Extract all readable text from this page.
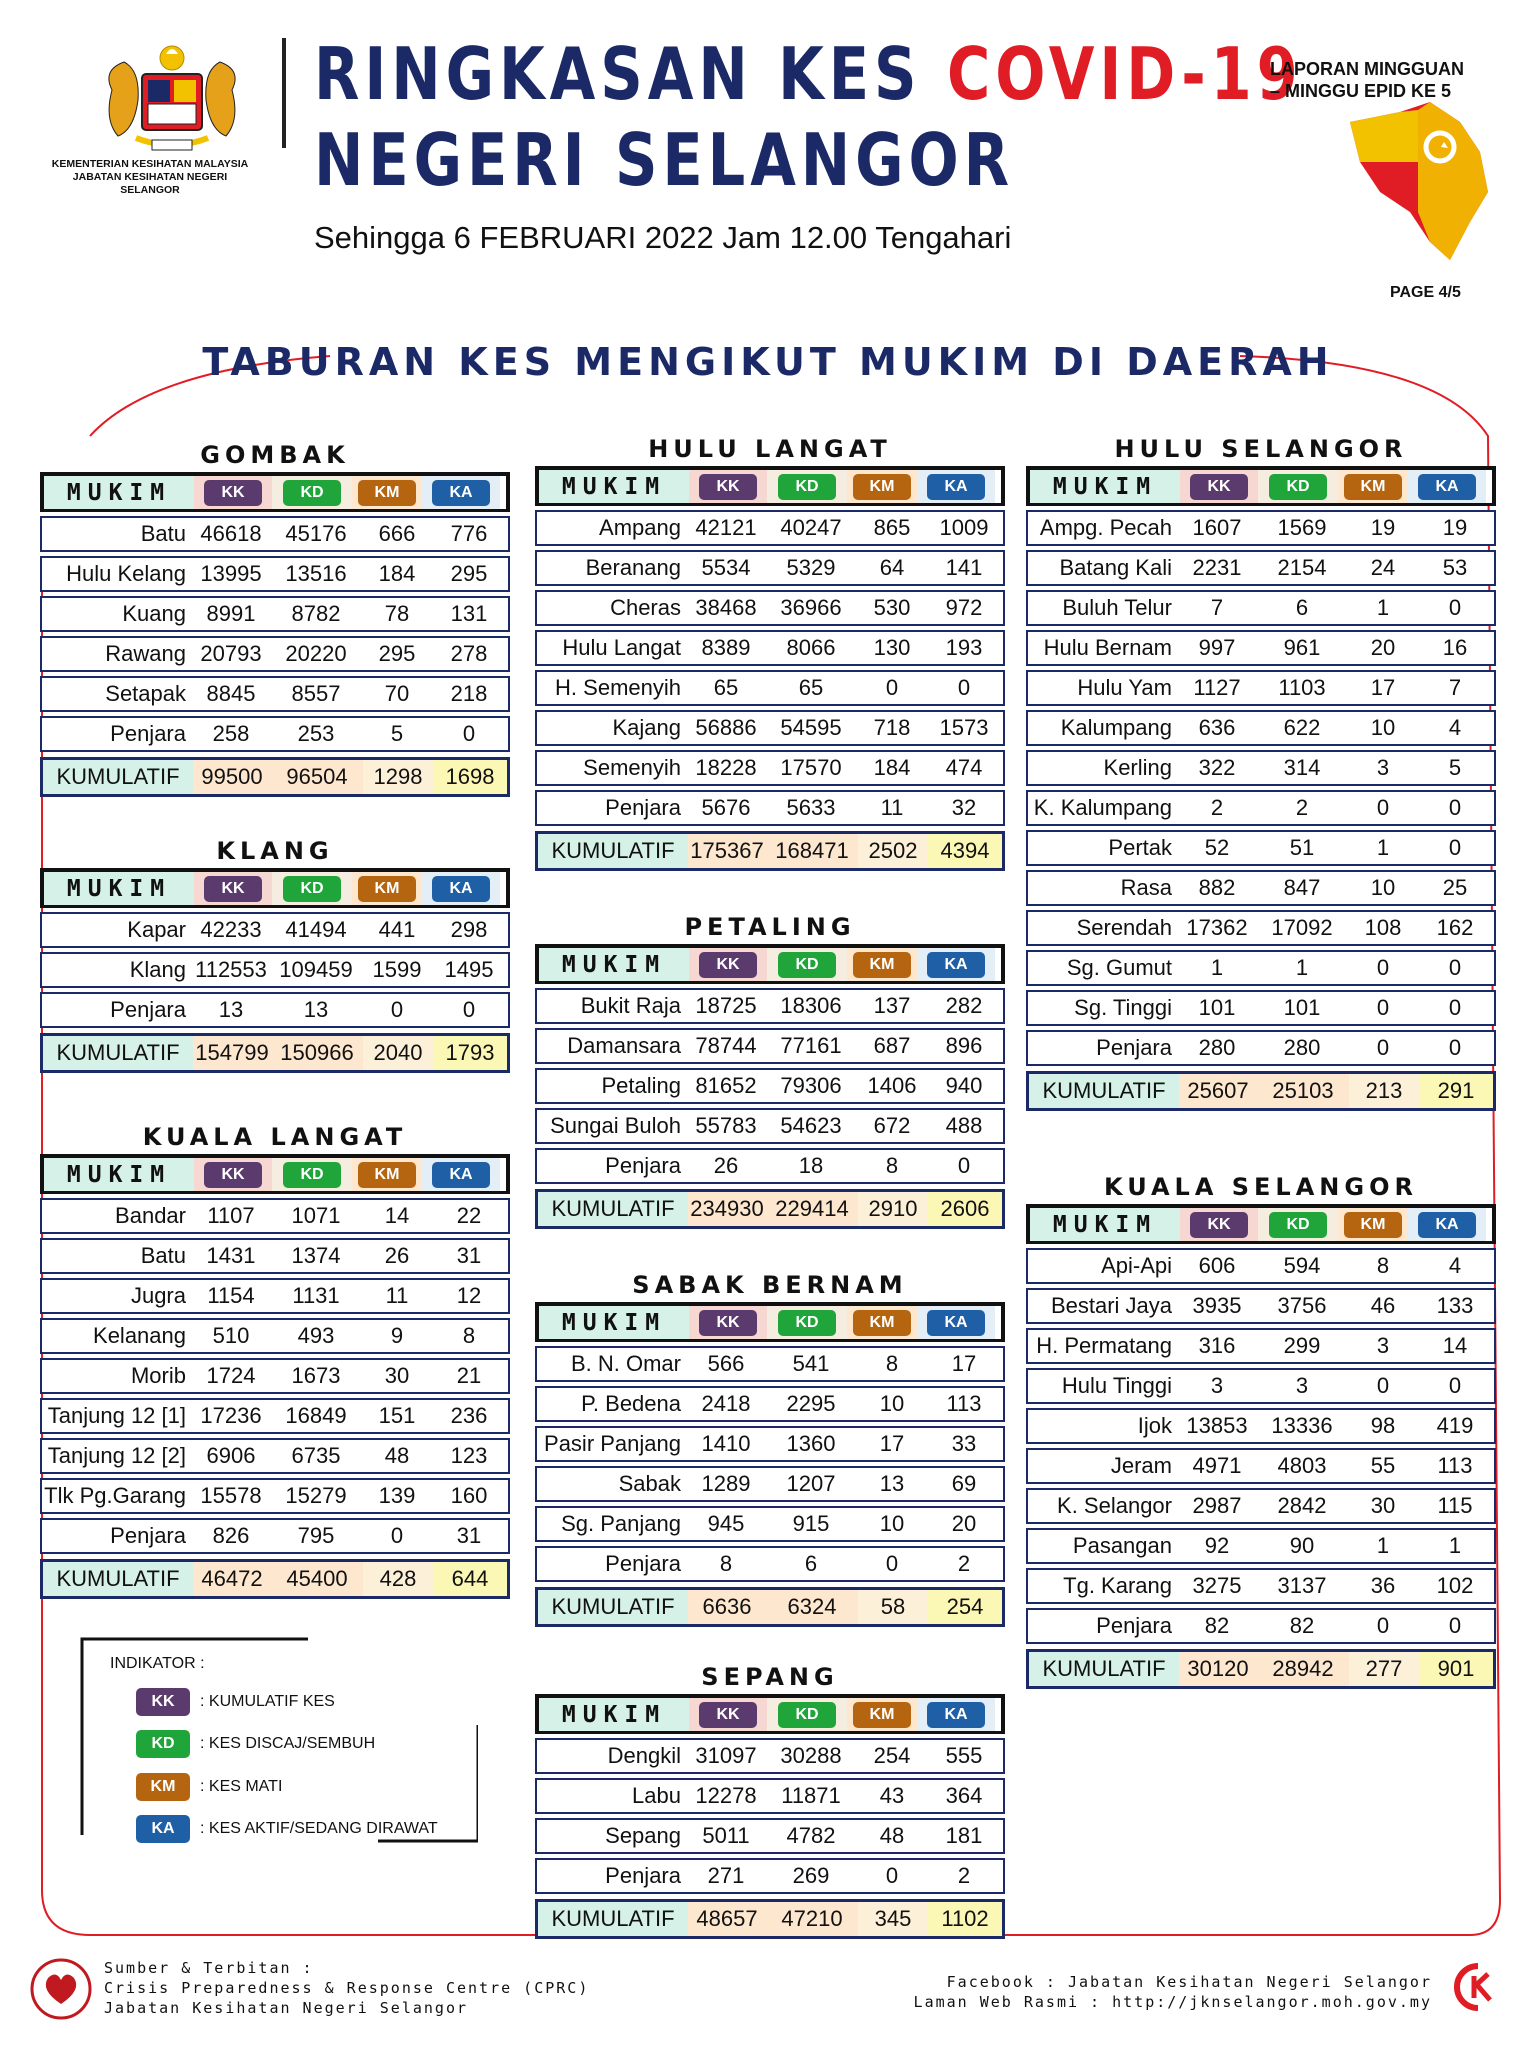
KEMENTERIAN KESIHATAN MALAYSIA
JABATAN KESIHATAN NEGERI
SELANGOR
RINGKASAN KES COVID-19
NEGERI SELANGOR
Sehingga 6 FEBRUARI 2022 Jam 12.00 Tengahari
LAPORAN MINGGUAN
– MINGGU EPID KE 5
PAGE 4/5
TABURAN KES MENGIKUT MUKIM DI DAERAH
GOMBAK
MUKIM	KK	KD	KM	KA
Batu 46618	45176	666	776
Hulu Kelang 13995	13516	184	295
Kuang 8991	8782	78	131
Rawang 20793	20220	295	278
Setapak 8845	8557	70	218
Penjara	258	253	5	0
KUMULATIF 99500	96504	1298	1698
KLANG
MUKIM	KK	KD	KM	KA
Kapar 42233	41494	441	298
Klang 112553 109459 1599	1495
Penjara	13	13	0	0
KUMULATIF 154799 150966 2040	1793
KUALA LANGAT
MUKIM	KK	KD	KM	KA
Bandar 1107	1071	14	22
Batu 1431	1374	26	31
Jugra 1154	1131	11	12
Kelanang	510	493	9	8
Morib 1724	1673	30	21
Tanjung 12 [1] 17236	16849	151	236
Tanjung 12 [2] 6906	6735	48	123
Tlk Pg.Garang 15578	15279	139	160
Penjara	826	795	0	31
KUMULATIF 46472	45400	428	644
HULU LANGAT
MUKIM	KK	KD	KM	KA
Ampang 42121	40247	865	1009
Beranang 5534	5329	64	141
Cheras 38468	36966	530	972
Hulu Langat 8389	8066	130	193
H. Semenyih	65	65	0	0
Kajang 56886	54595	718	1573
Semenyih 18228	17570	184	474
Penjara 5676	5633	11	32
KUMULATIF 175367 168471 2502	4394
PETALING
MUKIM	KK	KD	KM	KA
Bukit Raja 18725	18306	137	282
Damansara 78744	77161	687	896
Petaling 81652	79306	1406	940
Sungai Buloh 55783	54623	672	488
Penjara	26	18	8	0
KUMULATIF 234930 229414 2910	2606
SABAK BERNAM
MUKIM	KK	KD	KM	KA
B. N. Omar	566	541	8	17
P. Bedena 2418	2295	10	113
Pasir Panjang 1410	1360	17	33
Sabak 1289	1207	13	69
Sg. Panjang	945	915	10	20
Penjara	8	6	0	2
KUMULATIF	6636	6324	58	254
SEPANG
MUKIM	KK	KD	KM	KA
Dengkil 31097	30288	254	555
Labu 12278	11871	43	364
Sepang 5011	4782	48	181
Penjara	271	269	0	2
KUMULATIF 48657	47210	345	1102
HULU SELANGOR
MUKIM	KK	KD	KM	KA
Ampg. Pecah 1607	1569	19	19
Batang Kali 2231	2154	24	53
Buluh Telur	7	6	1	0
Hulu Bernam	997	961	20	16
Hulu Yam 1127	1103	17	7
Kalumpang	636	622	10	4
Kerling	322	314	3	5
K. Kalumpang	2	2	0	0
Pertak	52	51	1	0
Rasa	882	847	10	25
Serendah 17362	17092	108	162
Sg. Gumut	1	1	0	0
Sg. Tinggi	101	101	0	0
Penjara	280	280	0	0
KUMULATIF 25607	25103	213	291
KUALA SELANGOR
MUKIM	KK	KD	KM	KA
Api-Api	606	594	8	4
Bestari Jaya 3935	3756	46	133
H. Permatang	316	299	3	14
Hulu Tinggi	3	3	0	0
Ijok 13853	13336	98	419
Jeram 4971	4803	55	113
K. Selangor 2987	2842	30	115
Pasangan	92	90	1	1
Tg. Karang 3275	3137	36	102
Penjara	82	82	0	0
KUMULATIF 30120	28942	277	901
INDIKATOR :
KK	: KUMULATIF KES
KD	: KES DISCAJ/SEMBUH
KM	: KES MATI
KA	: KES AKTIF/SEDANG DIRAWAT
Sumber & Terbitan :
Crisis Preparedness & Response Centre (CPRC)
Jabatan Kesihatan Negeri Selangor
Facebook : Jabatan Kesihatan Negeri Selangor
Laman Web Rasmi : http://jknselangor.moh.gov.my
